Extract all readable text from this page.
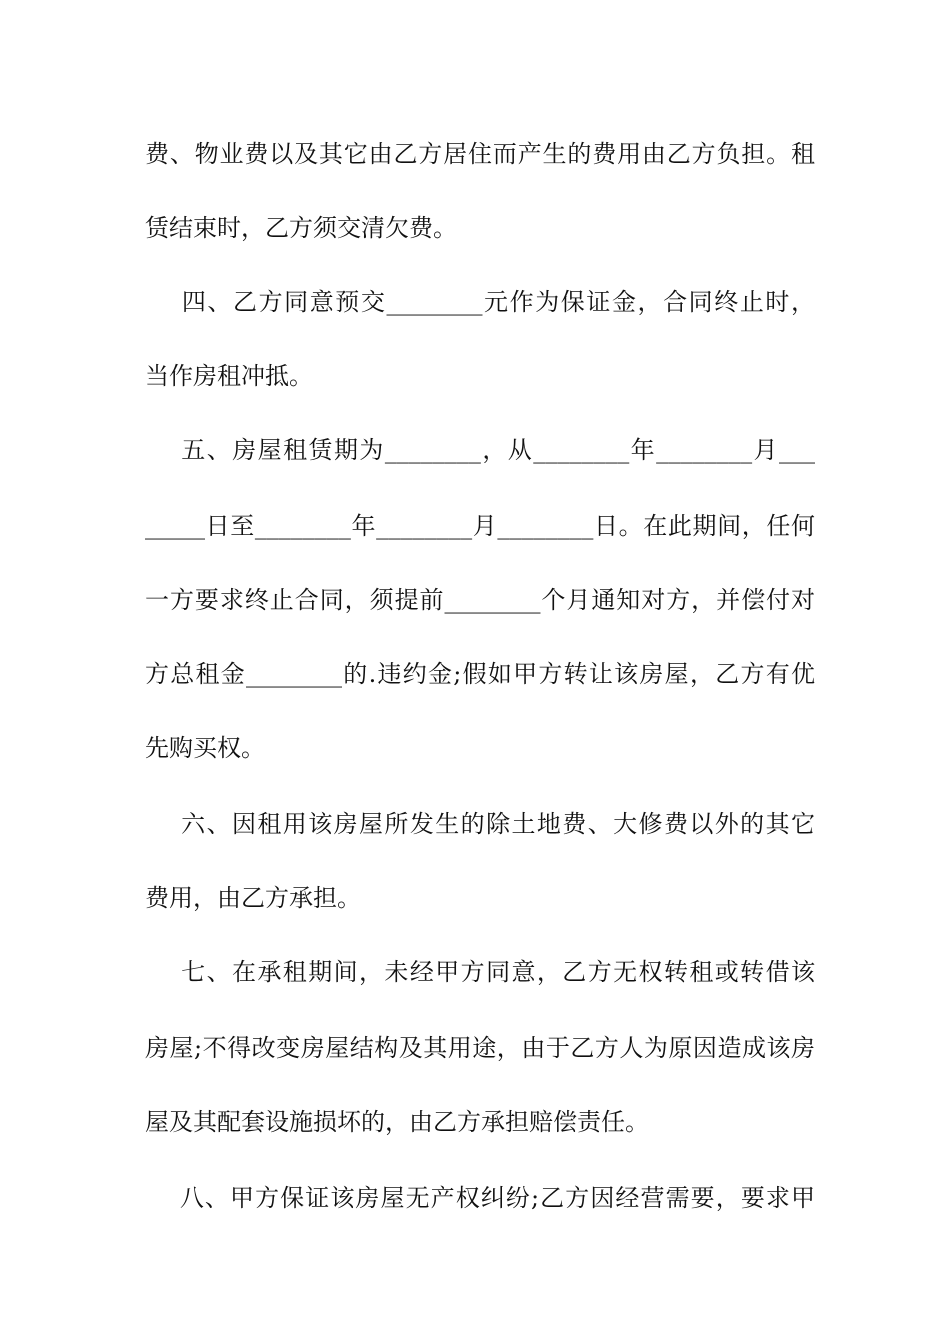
费、物业费以及其它由乙方居住而产生的费用由乙方负担。租
赁结束时，乙方须交清欠费。
四、乙方同意预交________元作为保证金，合同终止时，
当作房租冲抵。
五、房屋租赁期为________，从________年________月___
_____日至________年________月________日。在此期间，任何
一方要求终止合同，须提前________个月通知对方，并偿付对
方总租金________的.违约金;假如甲方转让该房屋，乙方有优
先购买权。
六、因租用该房屋所发生的除土地费、大修费以外的其它
费用，由乙方承担。
七、在承租期间，未经甲方同意，乙方无权转租或转借该
房屋;不得改变房屋结构及其用途，由于乙方人为原因造成该房
屋及其配套设施损坏的，由乙方承担赔偿责任。
八、甲方保证该房屋无产权纠纷;乙方因经营需要，要求甲
